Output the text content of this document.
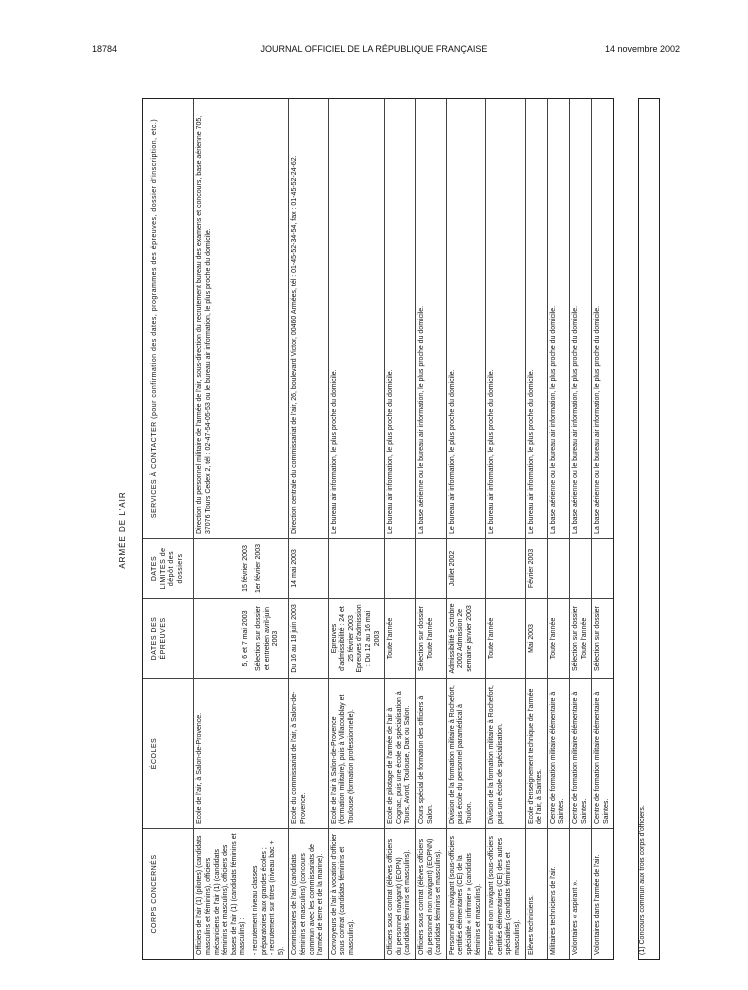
18784	JOURNAL OFFICIEL DE LA RÉPUBLIQUE FRANÇAISE	14 novembre 2002
ARMÉE DE L'AIR
CORPS CONCERNÉS
ÉCOLES
DATES DES ÉPREUVES
DATES LIMITES de dépôt des dossiers
SERVICES À CONTACTER (pour confirmation des dates, programmes des épreuves, dossier d'inscription, etc.)
Officiers de l'air (1) (pilotes) (candidats masculins et féminins), officiers mécaniciens de l'air (1) (candidats féminins et masculins), officiers des bases de l'air (1) (candidats féminins et masculins) : - recrutement niveau classes préparatoires aux grandes écoles ; - recrutement sur titres (niveau bac + 5).
Ecole de l'air, à Salon-de-Provence.
5, 6 et 7 mai 2003 Sélection sur dossier et entretien avril-juin 2003
15 février 2003 1er février 2003
Direction du personnel militaire de l'armée de l'air, sous-direction du recrutement bureau des examens et concours, base aérienne 705, 37076 Tours Cedex 2, tél : 02-47-54-05-53 ou le bureau air information, le plus proche du domicile.
Commissaires de l'air (candidats féminins et masculins) (concours commun avec les commissariats de l'armée de terre et de la marine).
Ecole du commissariat de l'air, à Salon-de-Provence.
Du 16 au 18 juin 2003
14 mai 2003
Direction centrale du commissariat de l'air, 26, boulevard Victor, 00460 Armées, tél : 01-45-52-34-54, fax : 01-45-52-24-62.
Convoyeurs de l'air à vocation d'officier sous contrat (candidats féminins et masculins).
Ecole de l'air à Salon-de-Provence (formation militaire), puis à Villacoublay et Toulouse (formation professionnelle).
Epreuves d'admissibilité : 24 et 25 février 2003 Epreuves d'admission : Du 12 au 16 mai 2003
Le bureau air information, le plus proche du domicile.
Officiers sous contrat (élèves officiers du personnel navigant) (EOPN) (candidats féminins et masculins).
Ecole de pilotage de l'armée de l'air à Cognac, puis une école de spécialisation à Tours, Avord, Toulouse, Dax ou Salon.
Toute l'année
Le bureau air information, le plus proche du domicile.
Officiers sous contrat (élèves officiers du personnel non navigant) (EOPNN) (candidats féminins et masculins).
Cours spécial de formation des officiers à Salon.
Sélection sur dossier Toute l'année
La base aérienne ou le bureau air information, le plus proche du domicile.
Personnel non navigant (sous-officiers certifiés élémentaires (CE) de la spécialité « infirmier » (candidats féminins et masculins).
Division de la formation militaire à Rochefort, puis école du personnel paramédical à Toulon.
Admissibilité 9 octobre 2002 Admission 2e semaine janvier 2003
Juillet 2002
Le bureau air information, le plus proche du domicile.
Personnel non navigant (sous-officiers certifiés élémentaires (CE) des autres spécialités (candidats féminins et masculins).
Division de la formation militaire à Rochefort, puis une école de spécialisation.
Toute l'année
Le bureau air information, le plus proche du domicile.
Elèves techniciens.
Ecole d'enseignement technique de l'armée de l'air, à Saintes.
Mai 2003
Février 2003
Le bureau air information, le plus proche du domicile.
Militaires techniciens de l'air.
Centre de formation militaire élémentaire à Saintes.
Toute l'année
La base aérienne ou le bureau air information, le plus proche du domicile.
Volontaires « aspirant ».
Centre de formation militaire élémentaire à Saintes.
Sélection sur dossier Toute l'année
La base aérienne ou le bureau air information, le plus proche du domicile.
Volontaires dans l'armée de l'air.
Centre de formation militaire élémentaire à Saintes.
Sélection sur dossier
La base aérienne ou le bureau air information, le plus proche du domicile.
(1) Concours commun aux trois corps d'officiers.
